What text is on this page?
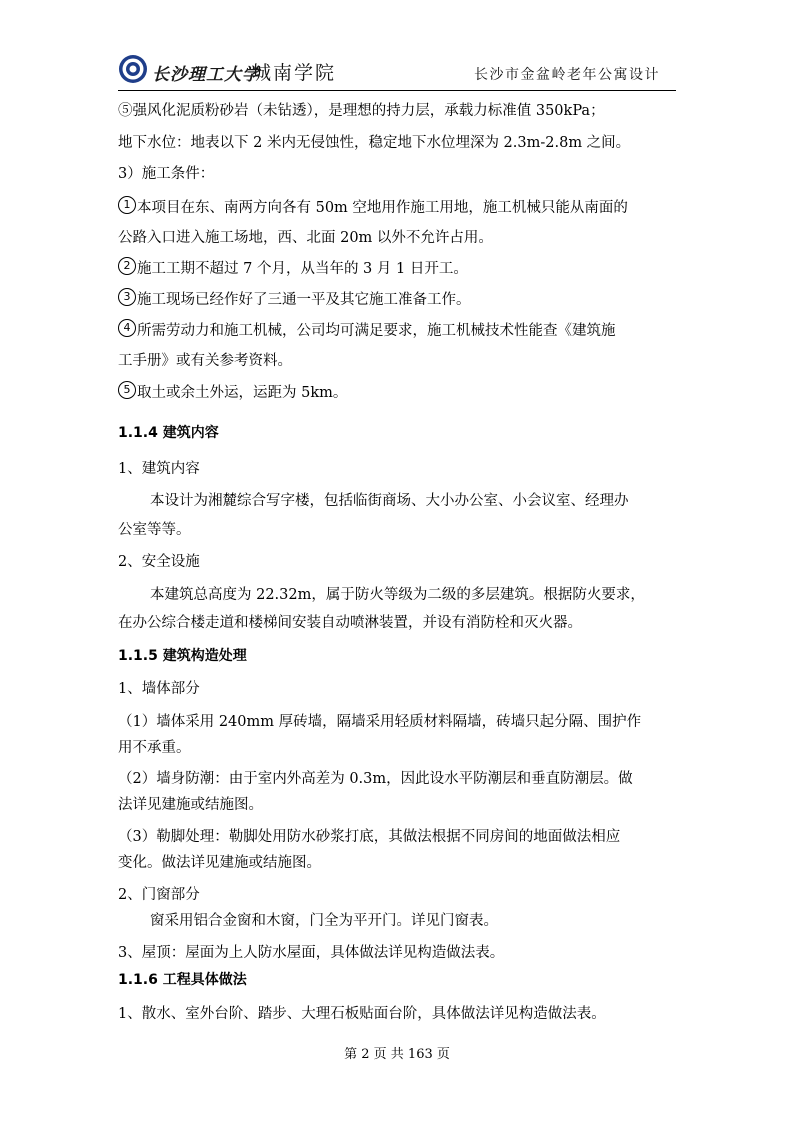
长沙理工大学
城南学院	长沙市金盆岭老年公寓设计
⑤强风化泥质粉砂岩（未钻透），是理想的持力层，承载力标准值 350kPa；
地下水位：地表以下 2 米内无侵蚀性，稳定地下水位埋深为 2.3m-2.8m 之间。
3）施工条件：
1 本项目在东、南两方向各有 50m 空地用作施工用地，施工机械只能从南面的
公路入口进入施工场地，西、北面 20m 以外不允许占用。
2 施工工期不超过 7 个月，从当年的 3 月 1 日开工。
3 施工现场已经作好了三通一平及其它施工准备工作。
4 所需劳动力和施工机械，公司均可满足要求，施工机械技术性能查《建筑施
工手册》或有关参考资料。
5 取土或余土外运，运距为 5km。
1.1.4 建筑内容
1、建筑内容
本设计为湘麓综合写字楼，包括临街商场、大小办公室、小会议室、经理办
公室等等。
2、安全设施
本建筑总高度为 22.32m，属于防火等级为二级的多层建筑。根据防火要求，
在办公综合楼走道和楼梯间安装自动喷淋装置，并设有消防栓和灭火器。
1.1.5 建筑构造处理
1、墙体部分
（1）墙体采用 240mm 厚砖墙，隔墙采用轻质材料隔墙，砖墙只起分隔、围护作
用不承重。
（2）墙身防潮：由于室内外高差为 0.3m，因此设水平防潮层和垂直防潮层。做
法详见建施或结施图。
（3）勒脚处理：勒脚处用防水砂浆打底，其做法根据不同房间的地面做法相应
变化。做法详见建施或结施图。
2、门窗部分
窗采用铝合金窗和木窗，门全为平开门。详见门窗表。
3、屋顶：屋面为上人防水屋面，具体做法详见构造做法表。
1.1.6 工程具体做法
1、散水、室外台阶、踏步、大理石板贴面台阶，具体做法详见构造做法表。
第 2 页 共 163 页
